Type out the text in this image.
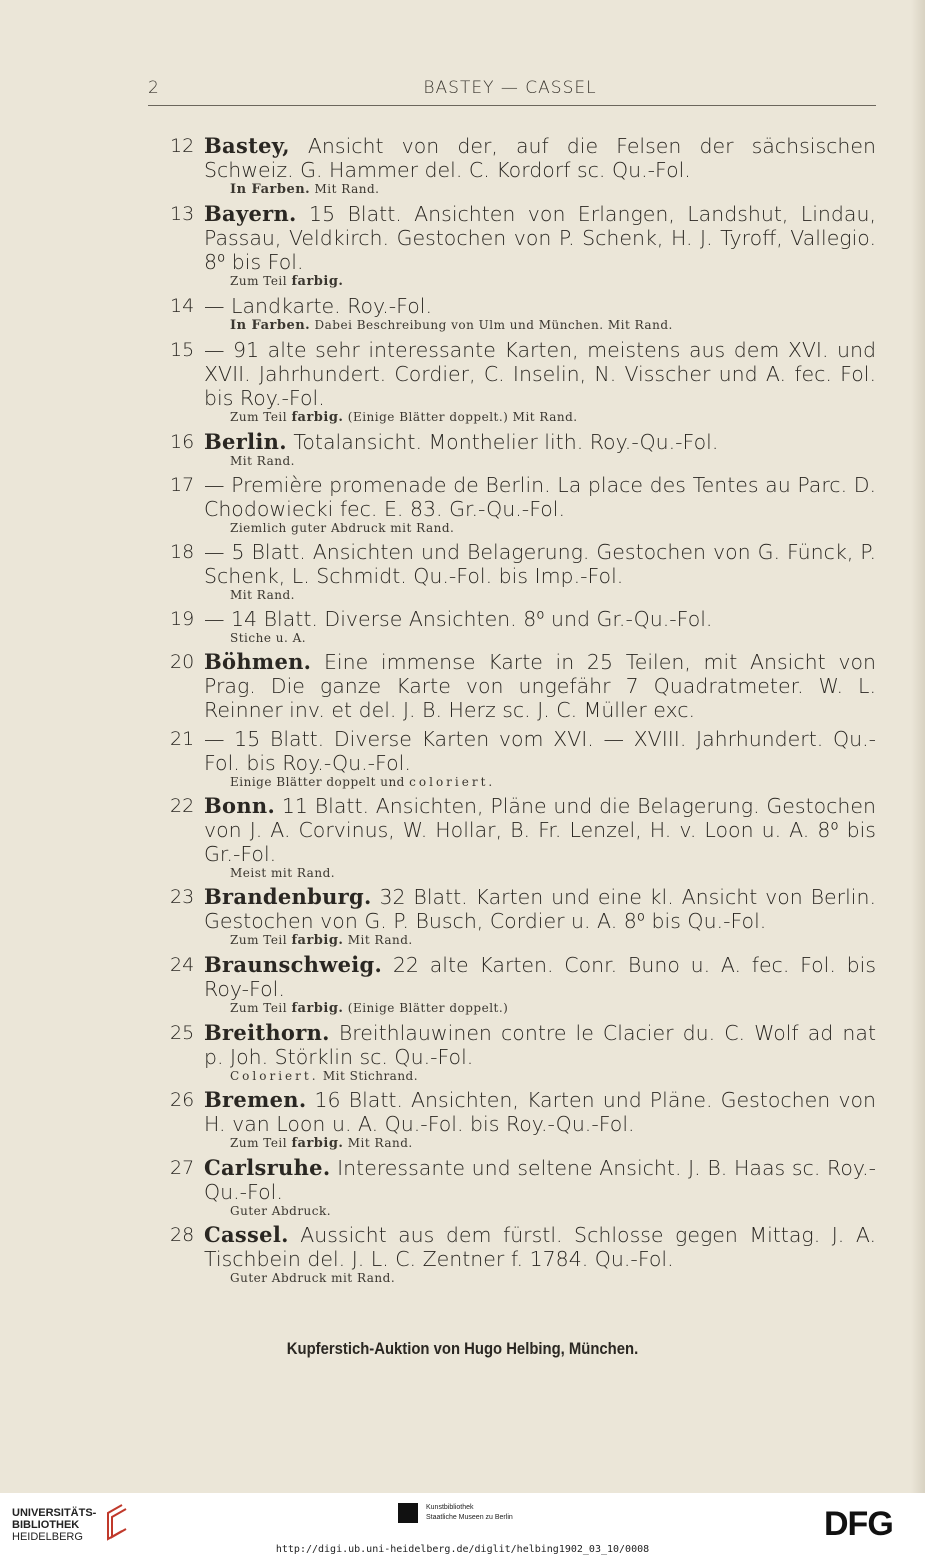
2	BASTEY — CASSEL
12 Bastey, Ansicht von der, auf die Felsen der sächsischen Schweiz. G. Hammer del. C. Kordorf sc. Qu.-Fol.
In Farben. Mit Rand.
13 Bayern. 15 Blatt. Ansichten von Erlangen, Landshut, Lindau, Passau, Veldkirch. Gestochen von P. Schenk, H. J. Tyroff, Vallegio. 8⁰ bis Fol.
Zum Teil farbig.
14 — Landkarte. Roy.-Fol.
In Farben. Dabei Beschreibung von Ulm und München. Mit Rand.
15 — 91 alte sehr interessante Karten, meistens aus dem XVI. und XVII. Jahrhundert. Cordier, C. Inselin, N. Visscher und A. fec. Fol. bis Roy.-Fol.
Zum Teil farbig. (Einige Blätter doppelt.) Mit Rand.
16 Berlin. Totalansicht. Monthelier lith. Roy.-Qu.-Fol.
Mit Rand.
17 — Première promenade de Berlin. La place des Tentes au Parc. D. Chodowiecki fec. E. 83. Gr.-Qu.-Fol.
Ziemlich guter Abdruck mit Rand.
18 — 5 Blatt. Ansichten und Belagerung. Gestochen von G. Fünck, P. Schenk, L. Schmidt. Qu.-Fol. bis Imp.-Fol.
Mit Rand.
19 — 14 Blatt. Diverse Ansichten. 8⁰ und Gr.-Qu.-Fol.
Stiche u. A.
20 Böhmen. Eine immense Karte in 25 Teilen, mit Ansicht von Prag. Die ganze Karte von ungefähr 7 Quadratmeter. W. L. Reinner inv. et del. J. B. Herz sc. J. C. Müller exc.
21 — 15 Blatt. Diverse Karten vom XVI. — XVIII. Jahrhundert. Qu.-Fol. bis Roy.-Qu.-Fol.
Einige Blätter doppelt und coloriert.
22 Bonn. 11 Blatt. Ansichten, Pläne und die Belagerung. Gestochen von J. A. Corvinus, W. Hollar, B. Fr. Lenzel, H. v. Loon u. A. 8⁰ bis Gr.-Fol.
Meist mit Rand.
23 Brandenburg. 32 Blatt. Karten und eine kl. Ansicht von Berlin. Gestochen von G. P. Busch, Cordier u. A. 8⁰ bis Qu.-Fol.
Zum Teil farbig. Mit Rand.
24 Braunschweig. 22 alte Karten. Conr. Buno u. A. fec. Fol. bis Roy-Fol.
Zum Teil farbig. (Einige Blätter doppelt.)
25 Breithorn. Breithlauwinen contre le Clacier du. C. Wolf ad nat p. Joh. Störklin sc. Qu.-Fol.
Coloriert. Mit Stichrand.
26 Bremen. 16 Blatt. Ansichten, Karten und Pläne. Gestochen von H. van Loon u. A. Qu.-Fol. bis Roy.-Qu.-Fol.
Zum Teil farbig. Mit Rand.
27 Carlsruhe. Interessante und seltene Ansicht. J. B. Haas sc. Roy.-Qu.-Fol.
Guter Abdruck.
28 Cassel. Aussicht aus dem fürstl. Schlosse gegen Mittag. J. A. Tischbein del. J. L. C. Zentner f. 1784. Qu.-Fol.
Guter Abdruck mit Rand.
Kupferstich-Auktion von Hugo Helbing, München.
UNIVERSITÄTS-
BIBLIOTHEK
HEIDELBERG
Kunstbibliothek
Staatliche Museen zu Berlin	DFG
http://digi.ub.uni-heidelberg.de/diglit/helbing1902_03_10/0008
